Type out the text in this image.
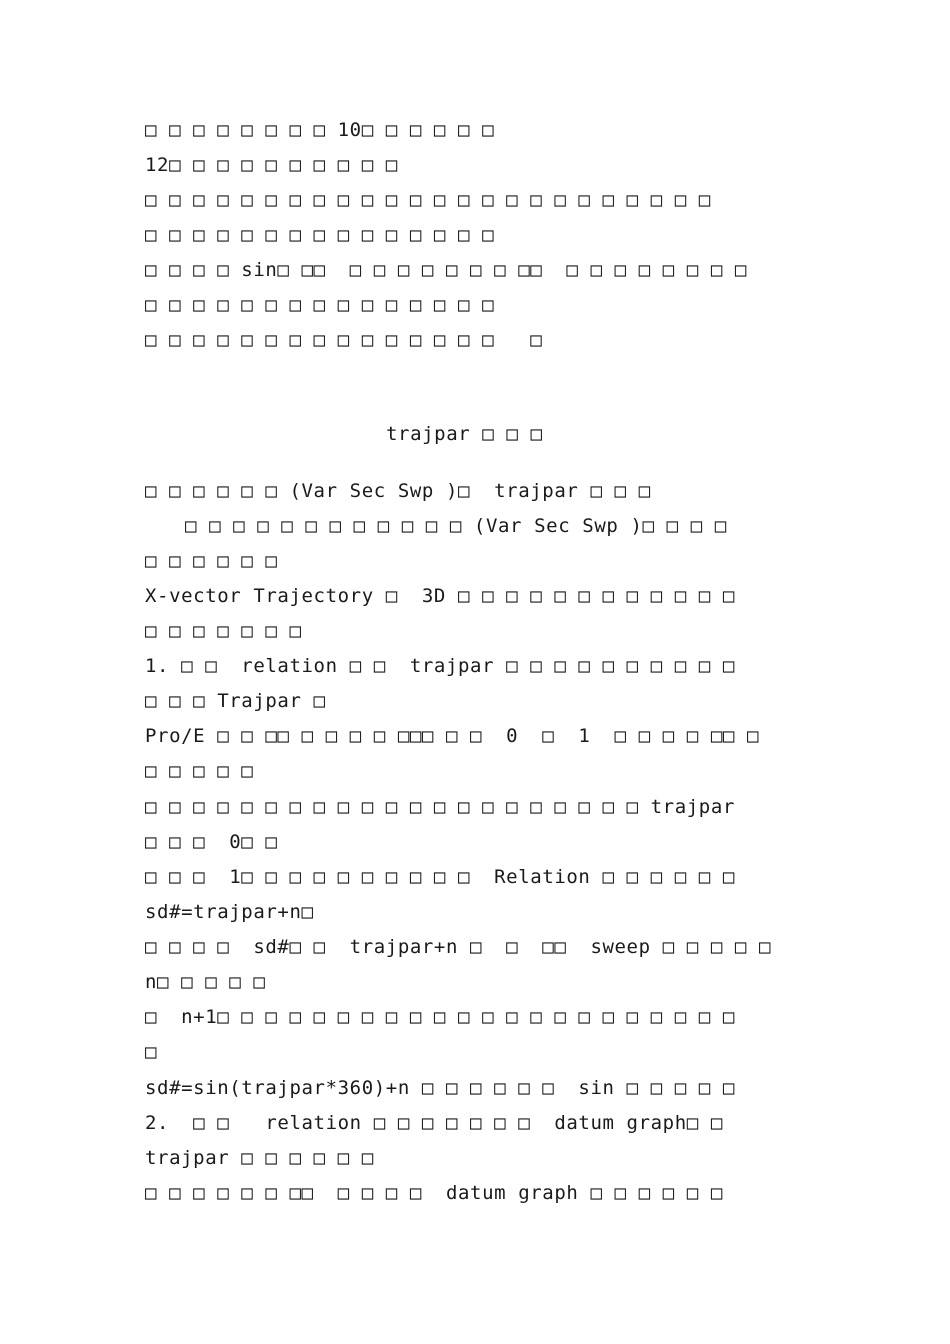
□ □ □ □ □ □ □ □ 10□ □ □ □ □ □

12□ □ □ □ □ □ □ □ □ □

□ □ □ □ □ □ □ □ □ □ □ □ □ □ □ □ □ □ □ □ □ □ □ □

□ □ □ □ □ □ □ □ □ □ □ □ □ □ □

□ □ □ □ sin□ □□  □ □ □ □ □ □ □ □□  □ □ □ □ □ □ □ □

□ □ □ □ □ □ □ □ □ □ □ □ □ □ □

□ □ □ □ □ □ □ □ □ □ □ □ □ □ □   □

trajpar □ □ □

□ □ □ □ □ □ (Var Sec Swp )□  trajpar □ □ □

□ □ □ □ □ □ □ □ □ □ □ □ (Var Sec Swp )□ □ □ □

□ □ □ □ □ □

X-vector Trajectory □  3D □ □ □ □ □ □ □ □ □ □ □ □

□ □ □ □ □ □ □

1. □ □  relation □ □  trajpar □ □ □ □ □ □ □ □ □ □

□ □ □ Trajpar □

Pro/E □ □ □□ □ □ □ □ □□□ □ □  0  □  1  □ □ □ □ □□ □

□ □ □ □ □

□ □ □ □ □ □ □ □ □ □ □ □ □ □ □ □ □ □ □ □ □ trajpar

□ □ □  0□ □

□ □ □  1□ □ □ □ □ □ □ □ □ □  Relation □ □ □ □ □ □

sd#=trajpar+n□

□ □ □ □  sd#□ □  trajpar+n □  □  □□  sweep □ □ □ □ □

n□ □ □ □ □

□  n+1□ □ □ □ □ □ □ □ □ □ □ □ □ □ □ □ □ □ □ □ □ □

□

sd#=sin(trajpar*360)+n □ □ □ □ □ □  sin □ □ □ □ □

2.  □ □   relation □ □ □ □ □ □ □  datum graph□ □

trajpar □ □ □ □ □ □

□ □ □ □ □ □ □□  □ □ □ □  datum graph □ □ □ □ □ □
